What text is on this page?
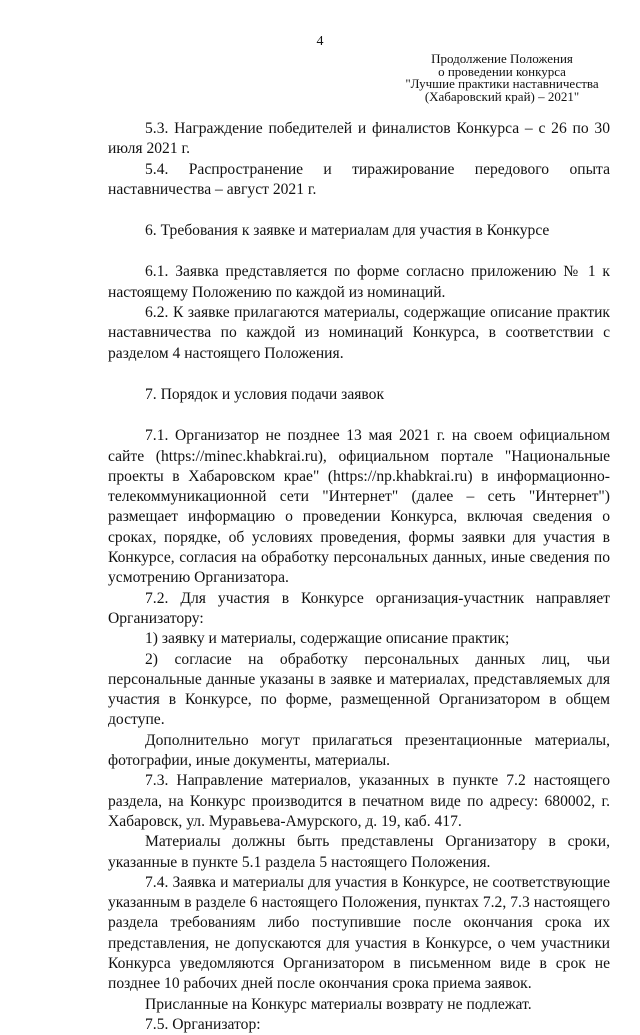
4
Продолжение Положения
о проведении конкурса
"Лучшие практики наставничества
(Хабаровский край) – 2021"

5.3. Награждение победителей и финалистов Конкурса – с 26 по 30 июля 2021 г.

5.4. Распространение и тиражирование передового опыта наставничества – август 2021 г.

6. Требования к заявке и материалам для участия в Конкурсе

6.1. Заявка представляется по форме согласно приложению № 1 к настоящему Положению по каждой из номинаций.

6.2. К заявке прилагаются материалы, содержащие описание практик наставничества по каждой из номинаций Конкурса, в соответствии с разделом 4 настоящего Положения.

7. Порядок и условия подачи заявок

7.1. Организатор не позднее 13 мая 2021 г. на своем официальном сайте (https://minec.khabkrai.ru), официальном портале "Национальные проекты в Хабаровском крае" (https://np.khabkrai.ru) в информационно-телекоммуникационной сети "Интернет" (далее – сеть "Интернет") размещает информацию о проведении Конкурса, включая сведения о сроках, порядке, об условиях проведения, формы заявки для участия в Конкурсе, согласия на обработку персональных данных, иные сведения по усмотрению Организатора.

7.2. Для участия в Конкурсе организация-участник направляет Организатору:

1) заявку и материалы, содержащие описание практик;

2) согласие на обработку персональных данных лиц, чьи персональные данные указаны в заявке и материалах, представляемых для участия в Конкурсе, по форме, размещенной Организатором в общем доступе.

Дополнительно могут прилагаться презентационные материалы, фотографии, иные документы, материалы.

7.3. Направление материалов, указанных в пункте 7.2 настоящего раздела, на Конкурс производится в печатном виде по адресу: 680002, г. Хабаровск, ул. Муравьева-Амурского, д. 19, каб. 417.

Материалы должны быть представлены Организатору в сроки, указанные в пункте 5.1 раздела 5 настоящего Положения.

7.4. Заявка и материалы для участия в Конкурсе, не соответствующие указанным в разделе 6 настоящего Положения, пунктах 7.2, 7.3 настоящего раздела требованиям либо поступившие после окончания срока их представления, не допускаются для участия в Конкурсе, о чем участники Конкурса уведомляются Организатором в письменном виде в срок не позднее 10 рабочих дней после окончания срока приема заявок.

Присланные на Конкурс материалы возврату не подлежат.

7.5. Организатор:
